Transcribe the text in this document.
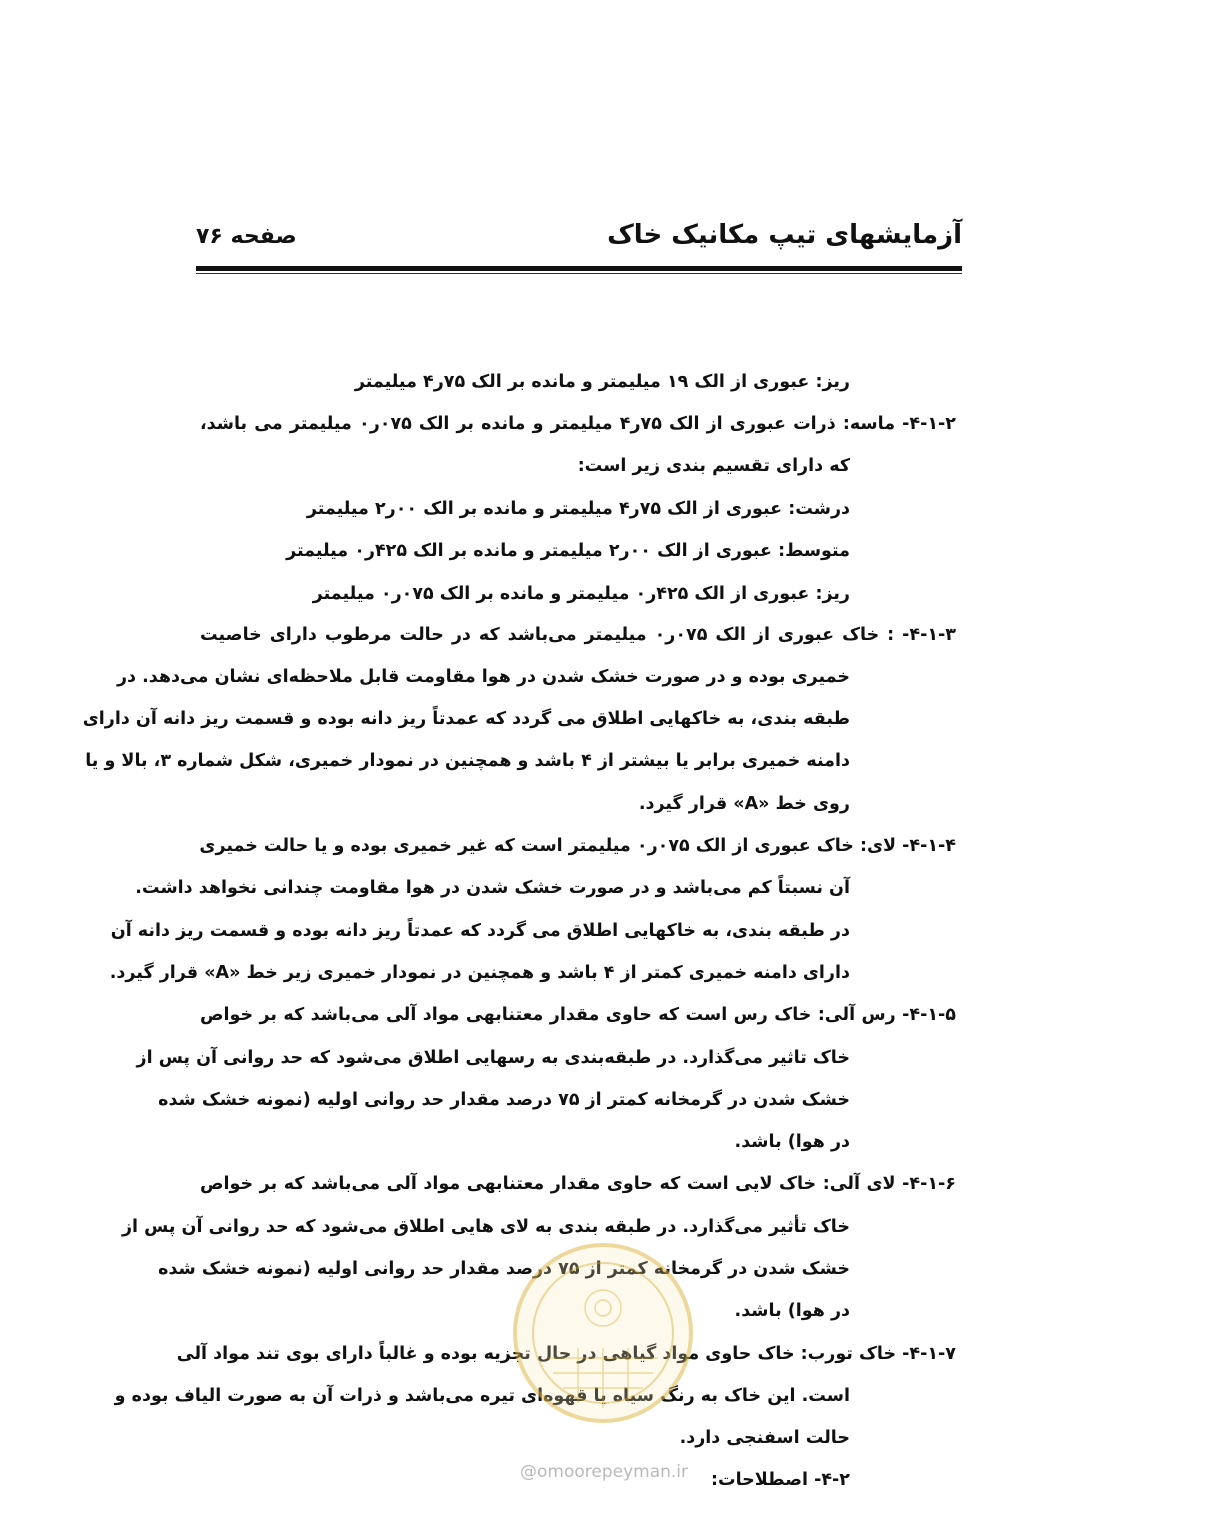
آزمایشهای تیپ مکانیک خاک
صفحه ۷۶
ریز: عبوری از الک ۱۹ میلیمتر و مانده بر الک ۷۵ر۴ میلیمتر
۴-۱-۲- ماسه: ذرات عبوری از الک ۷۵ر۴ میلیمتر و مانده بر الک ۰۷۵ر۰ میلیمتر می باشد،
که دارای تقسیم بندی زیر است:
درشت: عبوری از الک ۷۵ر۴ میلیمتر و مانده بر الک ۰۰ر۲ میلیمتر
متوسط: عبوری از الک ۰۰ر۲ میلیمتر و مانده بر الک ۴۲۵ر۰ میلیمتر
ریز: عبوری از الک ۴۲۵ر۰ میلیمتر و مانده بر الک ۰۷۵ر۰ میلیمتر
۴-۱-۳- : خاک عبوری از الک ۰۷۵ر۰ میلیمتر می‌باشد که در حالت مرطوب دارای خاصیت
خمیری بوده و در صورت خشک شدن در هوا مقاومت قابل ملاحظه‌ای نشان می‌دهد. در
طبقه بندی، به خاکهایی اطلاق می گردد که عمدتاً ریز دانه بوده و قسمت ریز دانه آن دارای
دامنه خمیری برابر یا بیشتر از ۴ باشد و همچنین در نمودار خمیری، شکل شماره ۳، بالا و یا
روی خط «A» قرار گیرد.
۴-۱-۴- لای: خاک عبوری از الک ۰۷۵ر۰ میلیمتر است که غیر خمیری بوده و یا حالت خمیری
آن نسبتاً کم می‌باشد و در صورت خشک شدن در هوا مقاومت چندانی نخواهد داشت.
در طبقه بندی، به خاکهایی اطلاق می گردد که عمدتاً ریز دانه بوده و قسمت ریز دانه آن
دارای دامنه خمیری کمتر از ۴ باشد و همچنین در نمودار خمیری زیر خط «A» قرار گیرد.
۴-۱-۵- رس آلی: خاک رس است که حاوی مقدار معتنابهی مواد آلی می‌باشد که بر خواص
خاک تاثیر می‌گذارد. در طبقه‌بندی به رسهایی اطلاق می‌شود که حد روانی آن پس از
خشک شدن در گرمخانه کمتر از ۷۵ درصد مقدار حد روانی اولیه (نمونه خشک شده
در هوا) باشد.
۴-۱-۶- لای آلی: خاک لایی است که حاوی مقدار معتنابهی مواد آلی می‌باشد که بر خواص
خاک تأثیر می‌گذارد. در طبقه بندی به لای هایی اطلاق می‌شود که حد روانی آن پس از
خشک شدن در گرمخانه کمتر از ۷۵ درصد مقدار حد روانی اولیه (نمونه خشک شده
در هوا) باشد.
۴-۱-۷- خاک تورب: خاک حاوی مواد گیاهی در حال تجزیه بوده و غالباً دارای بوی تند مواد آلی
است. این خاک به رنگ سیاه یا قهوه‌ای تیره می‌باشد و ذرات آن به صورت الیاف بوده و
حالت اسفنجی دارد.
۴-۲- اصطلاحات:
@omoorepeyman.ir
